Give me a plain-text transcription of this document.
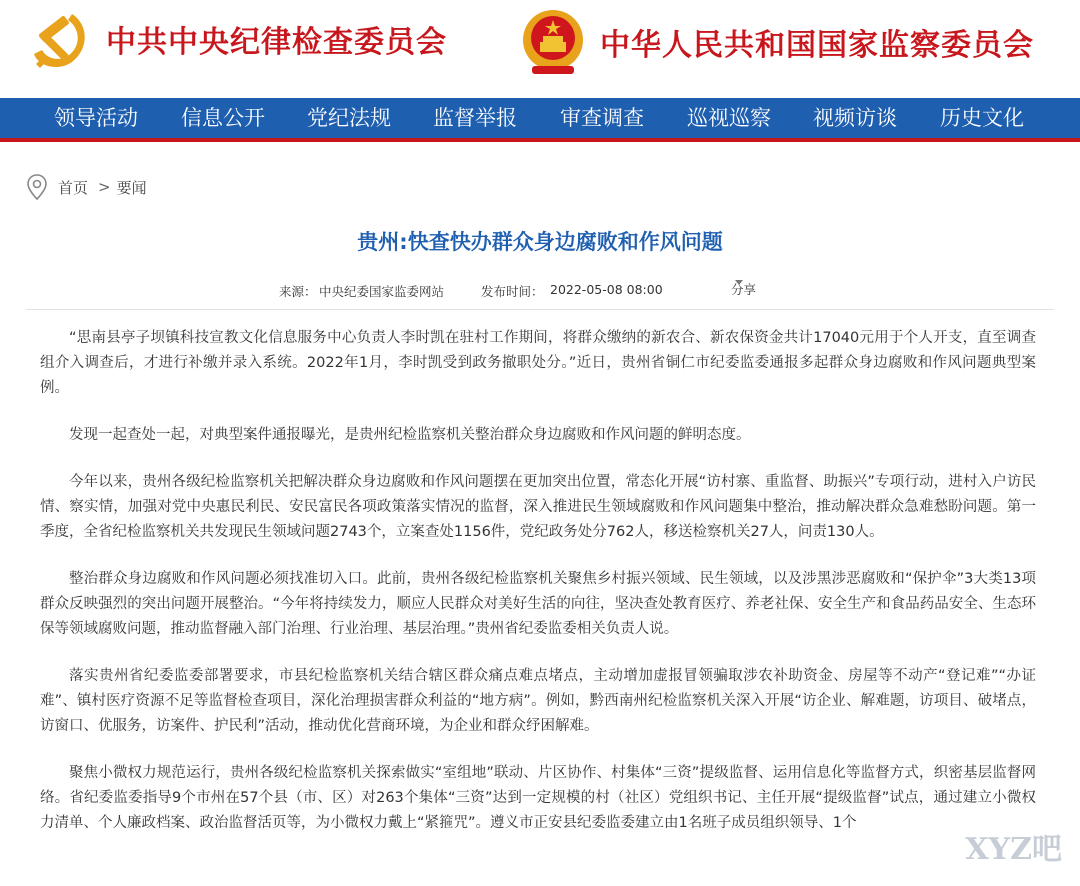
中共中央纪律检查委员会	中华人民共和国国家监察委员会
领导活动 信息公开 党纪法规 监督举报 审查调查 巡视巡察 视频访谈 历史文化
首页 > 要闻
贵州:快查快办群众身边腐败和作风问题
来源： 中央纪委国家监委网站	发布时间： 2022-05-08 08:00	分享

“思南县亭子坝镇科技宣教文化信息服务中心负责人李时凯在驻村工作期间，将群众缴纳的新农合、新农保资金共计17040元用于个人开支，直至调查组介入调查后，才进行补缴并录入系统。2022年1月，李时凯受到政务撤职处分。”近日，贵州省铜仁市纪委监委通报多起群众身边腐败和作风问题典型案例。

发现一起查处一起，对典型案件通报曝光，是贵州纪检监察机关整治群众身边腐败和作风问题的鲜明态度。

今年以来，贵州各级纪检监察机关把解决群众身边腐败和作风问题摆在更加突出位置，常态化开展“访村寨、重监督、助振兴”专项行动，进村入户访民情、察实情，加强对党中央惠民利民、安民富民各项政策落实情况的监督，深入推进民生领域腐败和作风问题集中整治，推动解决群众急难愁盼问题。第一季度，全省纪检监察机关共发现民生领域问题2743个，立案查处1156件，党纪政务处分762人，移送检察机关27人，问责130人。

整治群众身边腐败和作风问题必须找准切入口。此前，贵州各级纪检监察机关聚焦乡村振兴领域、民生领域，以及涉黑涉恶腐败和“保护伞”3大类13项群众反映强烈的突出问题开展整治。“今年将持续发力，顺应人民群众对美好生活的向往，坚决查处教育医疗、养老社保、安全生产和食品药品安全、生态环保等领域腐败问题，推动监督融入部门治理、行业治理、基层治理。”贵州省纪委监委相关负责人说。

落实贵州省纪委监委部署要求，市县纪检监察机关结合辖区群众痛点难点堵点，主动增加虚报冒领骗取涉农补助资金、房屋等不动产“登记难”“办证难”、镇村医疗资源不足等监督检查项目，深化治理损害群众利益的“地方病”。例如，黔西南州纪检监察机关深入开展“访企业、解难题，访项目、破堵点，访窗口、优服务，访案件、护民利”活动，推动优化营商环境，为企业和群众纾困解难。

聚焦小微权力规范运行，贵州各级纪检监察机关探索做实“室组地”联动、片区协作、村集体“三资”提级监督、运用信息化等监督方式，织密基层监督网络。省纪委监委指导9个市州在57个县（市、区）对263个集体“三资”达到一定规模的村（社区）党组织书记、主任开展“提级监督”试点，通过建立小微权力清单、个人廉政档案、政治监督活页等，为小微权力戴上“紧箍咒”。遵义市正安县纪委监委建立由1名班子成员组织领导、1个

XYZ吧
